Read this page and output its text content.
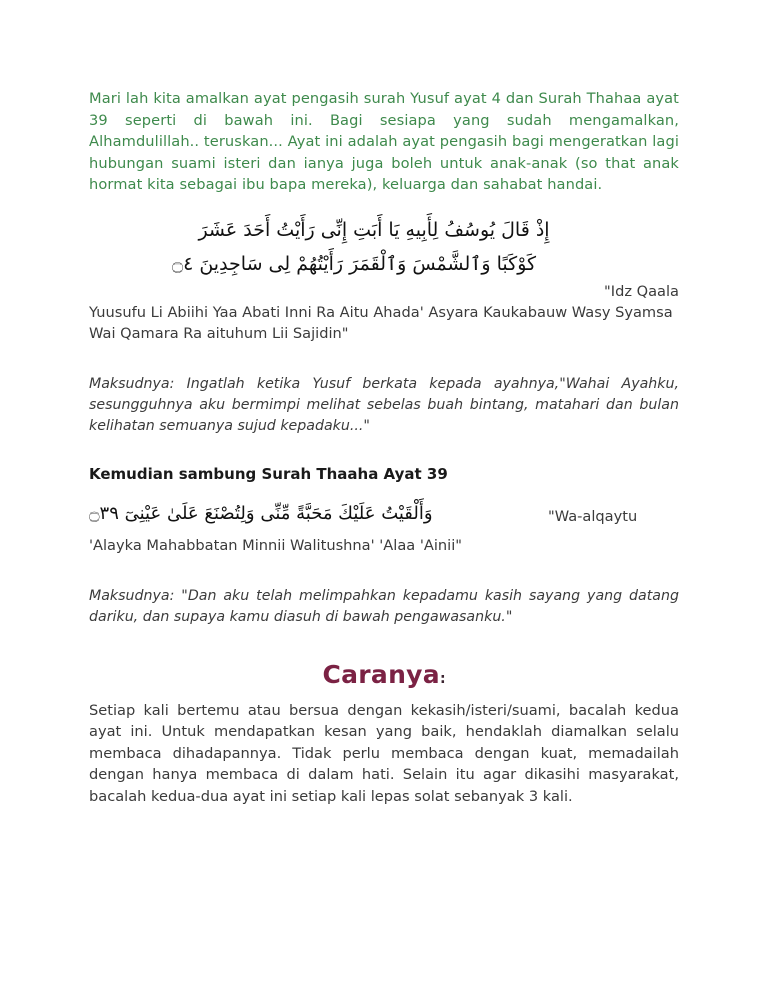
Mari lah kita amalkan ayat pengasih surah Yusuf ayat 4 dan Surah Thahaa ayat 39 seperti di bawah ini. Bagi sesiapa yang sudah mengamalkan, Alhamdulillah.. teruskan... Ayat ini adalah ayat pengasih bagi mengeratkan lagi hubungan suami isteri dan ianya juga boleh untuk anak-anak (so that anak hormat kita sebagai ibu bapa mereka), keluarga dan sahabat handai.

إِذْ قَالَ يُوسُفُ لِأَبِيهِ يَا أَبَتِ إِنِّى رَأَيْتُ أَحَدَ عَشَرَ
كَوْكَبًا وَٱلشَّمْسَ وَٱلْقَمَرَ رَأَيْتُهُمْ لِى سَاجِدِينَ ۝٤

"Idz Qaala

Yuusufu Li Abiihi Yaa Abati Inni Ra Aitu Ahada' Asyara Kaukabauw Wasy Syamsa Wai Qamara Ra aituhum Lii Sajidin"

Maksudnya: Ingatlah ketika Yusuf berkata kepada ayahnya,"Wahai Ayahku, sesungguhnya aku bermimpi melihat sebelas buah bintang, matahari dan bulan kelihatan semuanya sujud kepadaku..."

Kemudian sambung Surah Thaaha Ayat 39

وَأَلْقَيْتُ عَلَيْكَ مَحَبَّةً مِّنِّى وَلِتُصْنَعَ عَلَىٰ عَيْنِىٓ ۝٣٩	"Wa-alqaytu

'Alayka Mahabbatan Minnii Walitushna' 'Alaa 'Ainii"

Maksudnya: "Dan aku telah melimpahkan kepadamu kasih sayang yang datang dariku, dan supaya kamu diasuh di bawah pengawasanku."

Caranya:

Setiap kali bertemu atau bersua dengan kekasih/isteri/suami, bacalah kedua ayat ini. Untuk mendapatkan kesan yang baik, hendaklah diamalkan selalu membaca dihadapannya. Tidak perlu membaca dengan kuat, memadailah dengan hanya membaca di dalam hati. Selain itu agar dikasihi masyarakat, bacalah kedua-dua ayat ini setiap kali lepas solat sebanyak 3 kali.
